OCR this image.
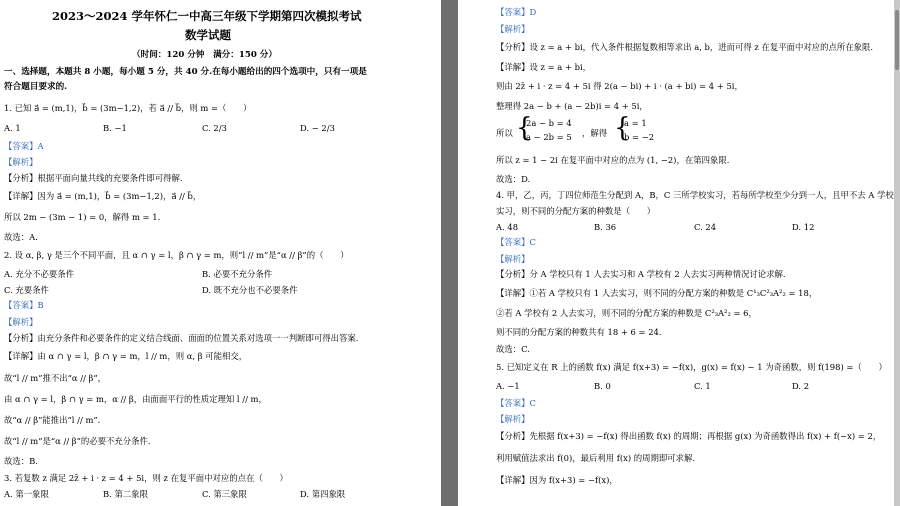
2023～2024 学年怀仁一中高三年级下学期第四次模拟考试
数学试题
（时间：120 分钟　满分：150 分）
一、选择题，本题共 8 小题，每小题 5 分，共 40 分.在每小题给出的四个选项中，只有一项是
符合题目要求的.
1. 已知 a⃗ = (m,1)，b⃗ = (3m−1,2)，若 a⃗ // b⃗，则 m =（　　）
A. 1	B. −1	C. 2/3	D. − 2/3
【答案】A
【解析】
【分析】根据平面向量共线的充要条件即可得解.
【详解】因为 a⃗ = (m,1)，b⃗ = (3m−1,2)，a⃗ // b⃗，
所以 2m − (3m − 1) = 0，解得 m = 1.
故选：A.
2. 设 α, β, γ 是三个不同平面，且 α ∩ γ = l，β ∩ γ = m，则“l // m”是“α // β”的（　　）
A. 充分不必要条件	B. 必要不充分条件
C. 充要条件	D. 既不充分也不必要条件
【答案】B
【解析】
【分析】由充分条件和必要条件的定义结合线面、面面的位置关系对选项一一判断即可得出答案.
【详解】由 α ∩ γ = l，β ∩ γ = m，l // m，则 α, β 可能相交，
故“l // m”推不出“α // β”，
由 α ∩ γ = l，β ∩ γ = m，α // β，由面面平行的性质定理知 l // m，
故“α // β”能推出“l // m”.
故“l // m”是“α // β”的必要不充分条件.
故选：B.
3. 若复数 z 满足 2z̄ + i · z = 4 + 5i，则 z 在复平面中对应的点在（　　）
A. 第一象限	B. 第二象限	C. 第三象限	D. 第四象限
【答案】D
【解析】
【分析】设 z = a + bi，代入条件根据复数相等求出 a, b，进而可得 z 在复平面中对应的点所在象限.
【详解】设 z = a + bi，
则由 2z̄ + i · z = 4 + 5i 得 2(a − bi) + i · (a + bi) = 4 + 5i，
整理得 2a − b + (a − 2b)i = 4 + 5i，
所以 {
2a − b = 4
a − 2b = 5 ，解得 {
a = 1
b = −2
所以 z = 1 − 2i 在复平面中对应的点为 (1, −2)，在第四象限.
故选：D.
4. 甲，乙，丙，丁四位师范生分配到 A，B，C 三所学校实习，若每所学校至少分到一人，且甲不去 A 学校
实习，则不同的分配方案的种数是（　　）
A. 48	B. 36	C. 24	D. 12
【答案】C
【解析】
【分析】分 A 学校只有 1 人去实习和 A 学校有 2 人去实习两种情况讨论求解.
【详解】①若 A 学校只有 1 人去实习，则不同的分配方案的种数是 C¹₃C²₃A²₂ = 18，
②若 A 学校有 2 人去实习，则不同的分配方案的种数是 C²₃A²₂ = 6，
则不同的分配方案的种数共有 18 + 6 = 24.
故选：C.
5. 已知定义在 R 上的函数 f(x) 满足 f(x+3) = −f(x)，g(x) = f(x) − 1 为奇函数，则 f(198) =（　　）
A. −1	B. 0	C. 1	D. 2
【答案】C
【解析】
【分析】先根据 f(x+3) = −f(x) 得出函数 f(x) 的周期；再根据 g(x) 为奇函数得出 f(x) + f(−x) = 2，
利用赋值法求出 f(0)，最后利用 f(x) 的周期即可求解.
【详解】因为 f(x+3) = −f(x)，
